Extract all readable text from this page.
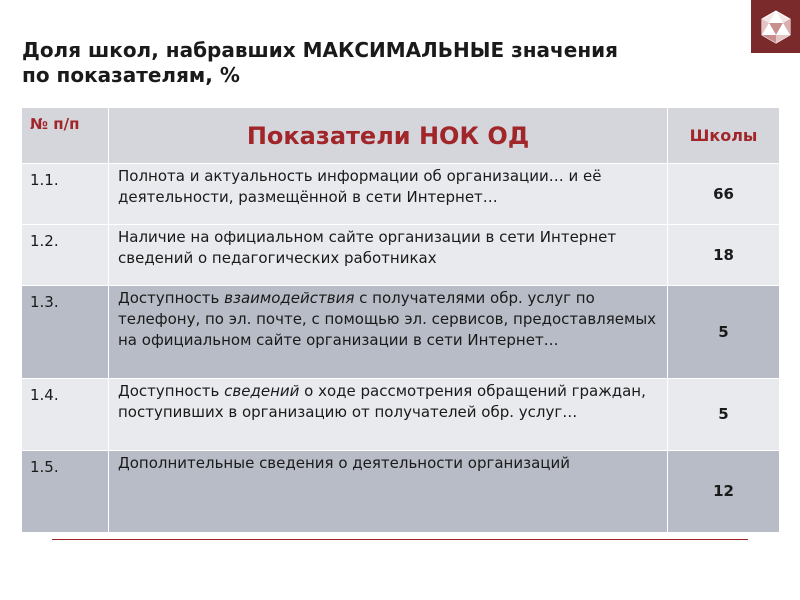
Доля школ, набравших МАКСИМАЛЬНЫЕ значения
по показателям, %
№ п/п	Показатели НОК ОД	Школы
1.1.	Полнота и актуальность информации об организации… и её деятельности, размещённой в сети Интернет…	66
1.2.	Наличие на официальном сайте организации в сети Интернет сведений о педагогических работниках	18
1.3.	Доступность взаимодействия с получателями обр. услуг по телефону, по эл. почте, с помощью эл. сервисов, предоставляемых на официальном сайте организации в сети Интернет…	5
1.4.	Доступность сведений о ходе рассмотрения обращений граждан, поступивших в организацию от получателей обр. услуг…	5
1.5.	Дополнительные сведения о деятельности организаций	12
